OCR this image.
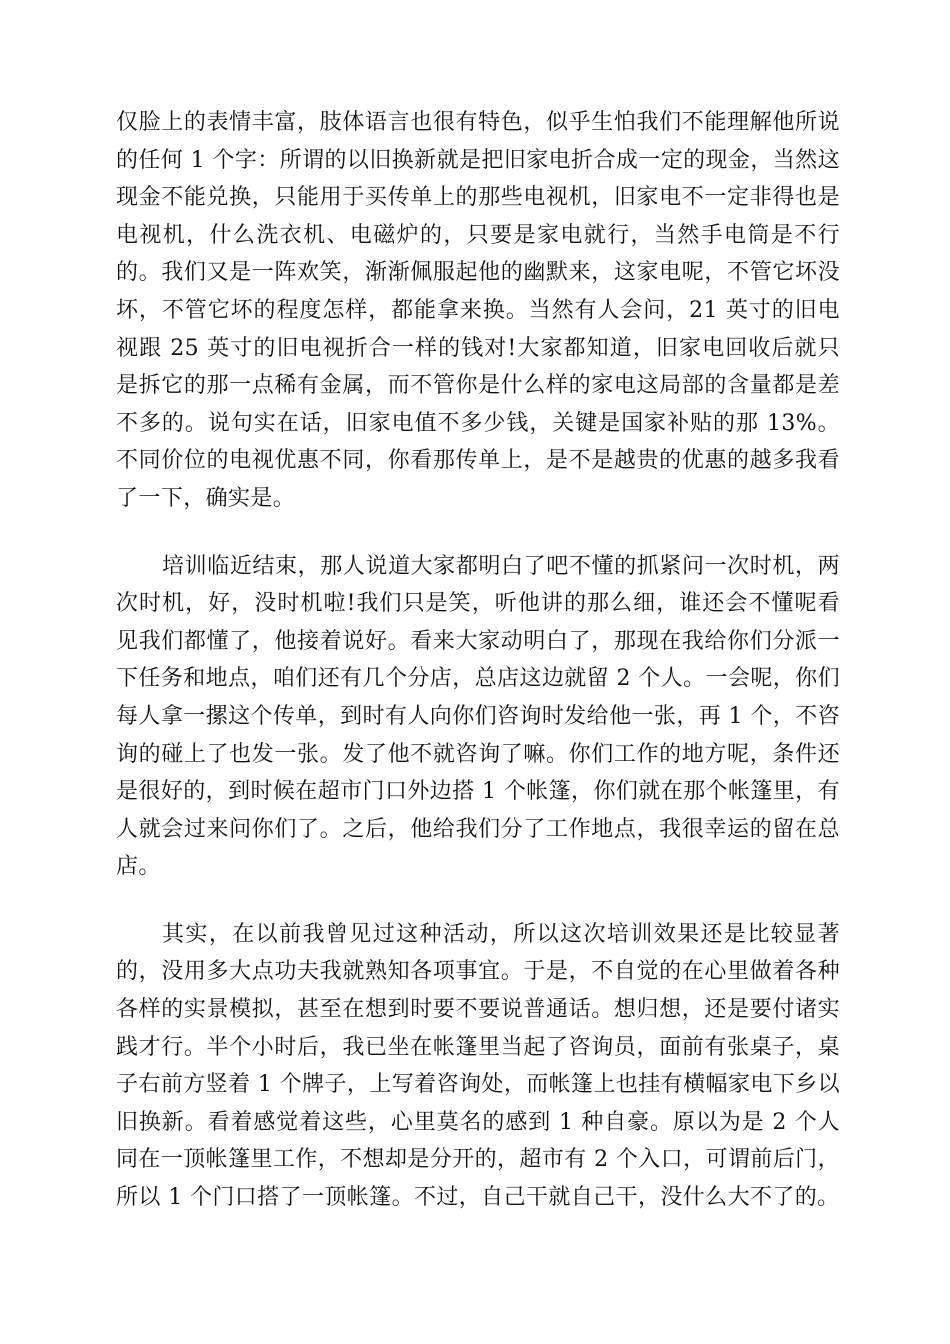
仅脸上的表情丰富，肢体语言也很有特色，似乎生怕我们不能理解他所说的任何 1 个字：所谓的以旧换新就是把旧家电折合成一定的现金，当然这现金不能兑换，只能用于买传单上的那些电视机，旧家电不一定非得也是电视机，什么洗衣机、电磁炉的，只要是家电就行，当然手电筒是不行的。我们又是一阵欢笑，渐渐佩服起他的幽默来，这家电呢，不管它坏没坏，不管它坏的程度怎样，都能拿来换。当然有人会问，21 英寸的旧电视跟 25 英寸的旧电视折合一样的钱对!大家都知道，旧家电回收后就只是拆它的那一点稀有金属，而不管你是什么样的家电这局部的含量都是差不多的。说句实在话，旧家电值不多少钱，关键是国家补贴的那 13%。不同价位的电视优惠不同，你看那传单上，是不是越贵的优惠的越多我看了一下，确实是。

培训临近结束，那人说道大家都明白了吧不懂的抓紧问一次时机，两次时机，好，没时机啦!我们只是笑，听他讲的那么细，谁还会不懂呢看见我们都懂了，他接着说好。看来大家动明白了，那现在我给你们分派一下任务和地点，咱们还有几个分店，总店这边就留 2 个人。一会呢，你们每人拿一摞这个传单，到时有人向你们咨询时发给他一张，再 1 个，不咨询的碰上了也发一张。发了他不就咨询了嘛。你们工作的地方呢，条件还是很好的，到时候在超市门口外边搭 1 个帐篷，你们就在那个帐篷里，有人就会过来问你们了。之后，他给我们分了工作地点，我很幸运的留在总店。

其实，在以前我曾见过这种活动，所以这次培训效果还是比较显著的，没用多大点功夫我就熟知各项事宜。于是，不自觉的在心里做着各种各样的实景模拟，甚至在想到时要不要说普通话。想归想，还是要付诸实践才行。半个小时后，我已坐在帐篷里当起了咨询员，面前有张桌子，桌子右前方竖着 1 个牌子，上写着咨询处，而帐篷上也挂有横幅家电下乡以旧换新。看着感觉着这些，心里莫名的感到 1 种自豪。原以为是 2 个人同在一顶帐篷里工作，不想却是分开的，超市有 2 个入口，可谓前后门，所以 1 个门口搭了一顶帐篷。不过，自己干就自己干，没什么大不了的。
